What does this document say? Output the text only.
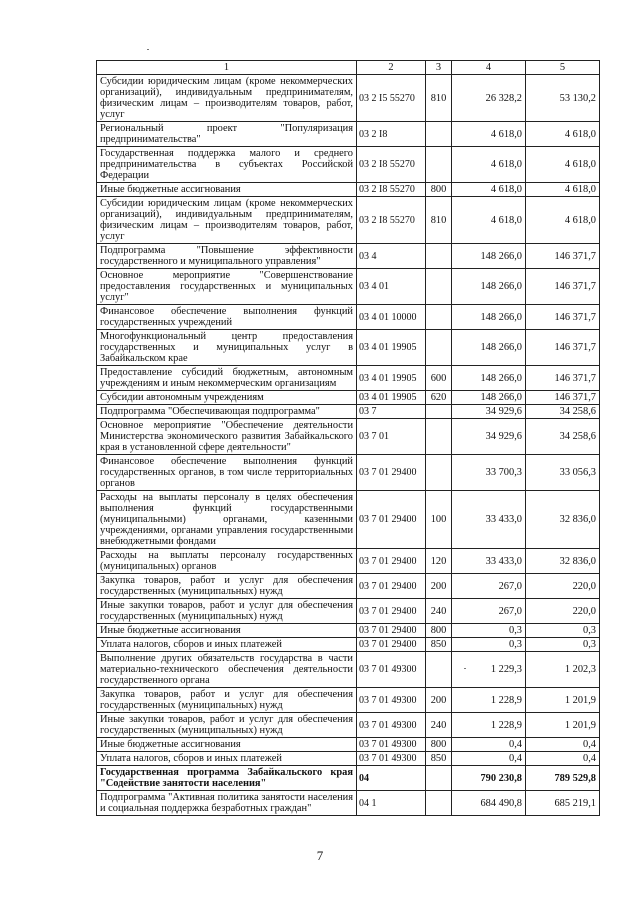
1	2	3	4	5
Субсидии юридическим лицам (кроме некоммерческих организаций), индивидуальным предпринимателям, физическим лицам – производителям товаров, работ, услуг	03 2 I5 55270	810	26 328,2	53 130,2
Региональный проект "Популяризация предпринимательства"	03 2 I8		4 618,0	4 618,0
Государственная поддержка малого и среднего предпринимательства в субъектах Российской Федерации	03 2 I8 55270		4 618,0	4 618,0
Иные бюджетные ассигнования	03 2 I8 55270	800	4 618,0	4 618,0
Субсидии юридическим лицам (кроме некоммерческих организаций), индивидуальным предпринимателям, физическим лицам – производителям товаров, работ, услуг	03 2 I8 55270	810	4 618,0	4 618,0
Подпрограмма "Повышение эффективности государственного и муниципального управления"	03 4		148 266,0	146 371,7
Основное мероприятие "Совершенствование предоставления государственных и муниципальных услуг"	03 4 01		148 266,0	146 371,7
Финансовое обеспечение выполнения функций государственных учреждений	03 4 01 10000		148 266,0	146 371,7
Многофункциональный центр предоставления государственных и муниципальных услуг в Забайкальском крае	03 4 01 19905		148 266,0	146 371,7
Предоставление субсидий бюджетным, автономным учреждениям и иным некоммерческим организациям	03 4 01 19905	600	148 266,0	146 371,7
Субсидии автономным учреждениям	03 4 01 19905	620	148 266,0	146 371,7
Подпрограмма "Обеспечивающая подпрограмма"	03 7		34 929,6	34 258,6
Основное мероприятие "Обеспечение деятельности Министерства экономического развития Забайкальского края в установленной сфере деятельности"	03 7 01		34 929,6	34 258,6
Финансовое обеспечение выполнения функций государственных органов, в том числе территориальных органов	03 7 01 29400		33 700,3	33 056,3
Расходы на выплаты персоналу в целях обеспечения выполнения функций государственными (муниципальными) органами, казенными учреждениями, органами управления государственными внебюджетными фондами	03 7 01 29400	100	33 433,0	32 836,0
Расходы на выплаты персоналу государственных (муниципальных) органов	03 7 01 29400	120	33 433,0	32 836,0
Закупка товаров, работ и услуг для обеспечения государственных (муниципальных) нужд	03 7 01 29400	200	267,0	220,0
Иные закупки товаров, работ и услуг для обеспечения государственных (муниципальных) нужд	03 7 01 29400	240	267,0	220,0
Иные бюджетные ассигнования	03 7 01 29400	800	0,3	0,3
Уплата налогов, сборов и иных платежей	03 7 01 29400	850	0,3	0,3
Выполнение других обязательств государства в части материально-технического обеспечения деятельности государственного органа	03 7 01 49300		1 229,3	1 202,3
Закупка товаров, работ и услуг для обеспечения государственных (муниципальных) нужд	03 7 01 49300	200	1 228,9	1 201,9
Иные закупки товаров, работ и услуг для обеспечения государственных (муниципальных) нужд	03 7 01 49300	240	1 228,9	1 201,9
Иные бюджетные ассигнования	03 7 01 49300	800	0,4	0,4
Уплата налогов, сборов и иных платежей	03 7 01 49300	850	0,4	0,4
Государственная программа Забайкальского края "Содействие занятости населения"	04		790 230,8	789 529,8
Подпрограмма "Активная политика занятости населения и социальная поддержка безработных граждан"	04 1		684 490,8	685 219,1
7
